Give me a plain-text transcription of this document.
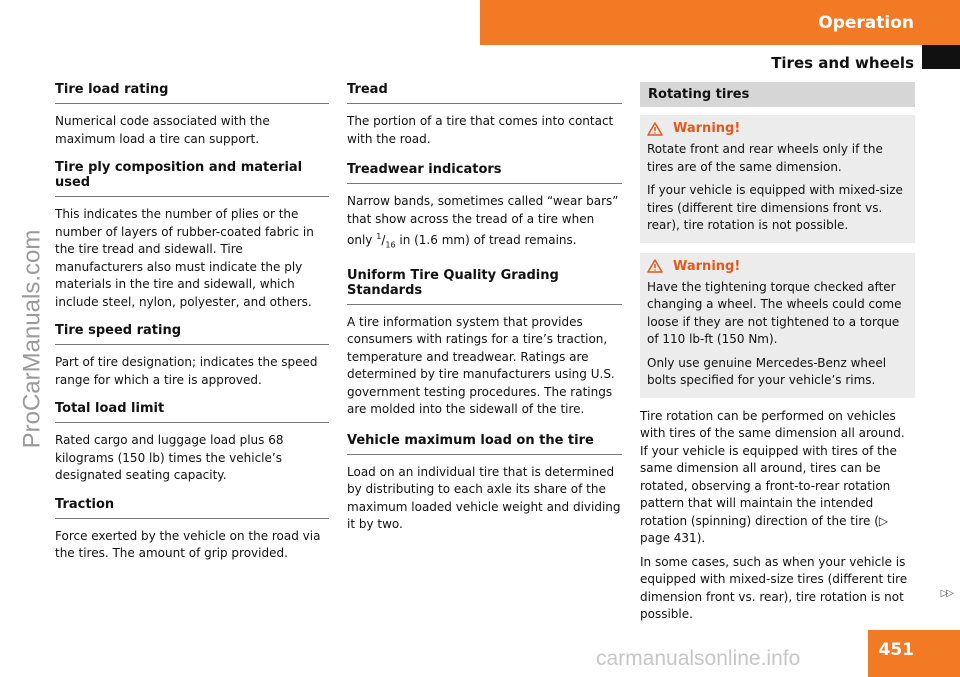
Operation
Tires and wheels
ProCarManuals.com
Tire load rating

Numerical code associated with the maximum load a tire can support.

Tire ply composition and material used

This indicates the number of plies or the number of layers of rubber-coated fabric in the tire tread and sidewall. Tire manufacturers also must indicate the ply materials in the tire and sidewall, which include steel, nylon, polyester, and others.

Tire speed rating

Part of tire designation; indicates the speed range for which a tire is approved.

Total load limit

Rated cargo and luggage load plus 68 kilograms (150 lb) times the vehicle’s designated seating capacity.

Traction

Force exerted by the vehicle on the road via the tires. The amount of grip provided.

Tread

The portion of a tire that comes into contact with the road.

Treadwear indicators

Narrow bands, sometimes called “wear bars” that show across the tread of a tire when only $^1/_{16}$ in (1.6 mm) of tread remains.

Uniform Tire Quality Grading Standards

A tire information system that provides consumers with ratings for a tire’s traction, temperature and treadwear. Ratings are determined by tire manufacturers using U.S. government testing procedures. The ratings are molded into the sidewall of the tire.

Vehicle maximum load on the tire

Load on an individual tire that is determined by distributing to each axle its share of the maximum loaded vehicle weight and dividing it by two.

Rotating tires
Warning!

Rotate front and rear wheels only if the tires are of the same dimension.

If your vehicle is equipped with mixed-size tires (different tire dimensions front vs. rear), tire rotation is not possible.

Warning!

Have the tightening torque checked after changing a wheel. The wheels could come loose if they are not tightened to a torque of 110 lb-ft (150 Nm).

Only use genuine Mercedes-Benz wheel bolts specified for your vehicle’s rims.

Tire rotation can be performed on vehicles with tires of the same dimension all around. If your vehicle is equipped with tires of the same dimension all around, tires can be rotated, observing a front-to-rear rotation pattern that will maintain the intended rotation (spinning) direction of the tire (▷ page 431).

In some cases, such as when your vehicle is equipped with mixed-size tires (different tire dimension front vs. rear), tire rotation is not possible.

▷▷
451
carmanualsonline.info
